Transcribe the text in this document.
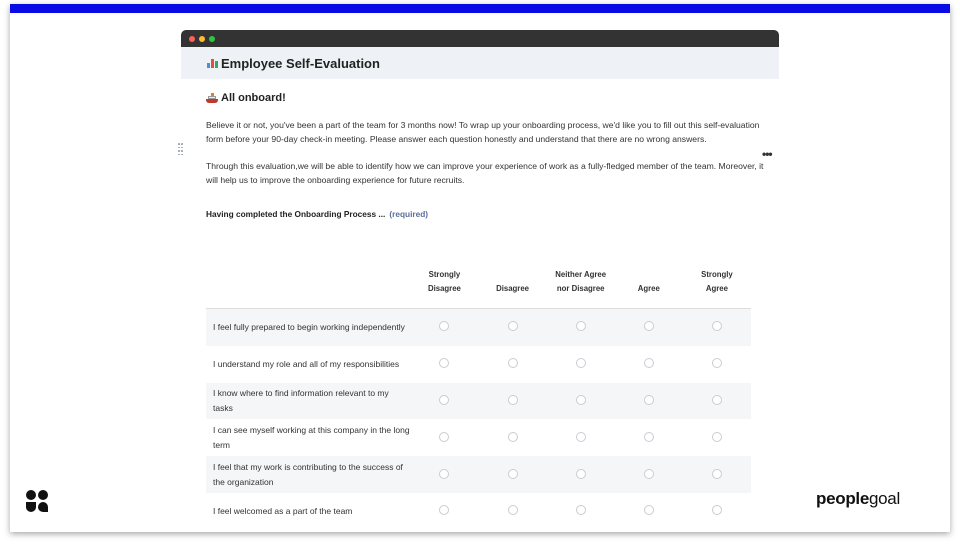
Employee Self-Evaluation
All onboard!

Believe it or not, you've been a part of the team for 3 months now! To wrap up your onboarding process, we'd like you to fill out this self-evaluation form before your 90-day check-in meeting. Please answer each question honestly and understand that there are no wrong answers.

Through this evaluation,we will be able to identify how we can improve your experience of work as a fully-fledged member of the team. Moreover, it will help us to improve the onboarding experience for future recruits.

Having completed the Onboarding Process ... (required)
•••
	Strongly Disagree	Disagree	Neither Agree nor Disagree	Agree	Strongly Agree
I feel fully prepared to begin working independently					
I understand my role and all of my responsibilities					
I know where to find information relevant to my tasks					
I can see myself working at this company in the long term					
I feel that my work is contributing to the success of the organization					
I feel welcomed as a part of the team					
peoplegoal
